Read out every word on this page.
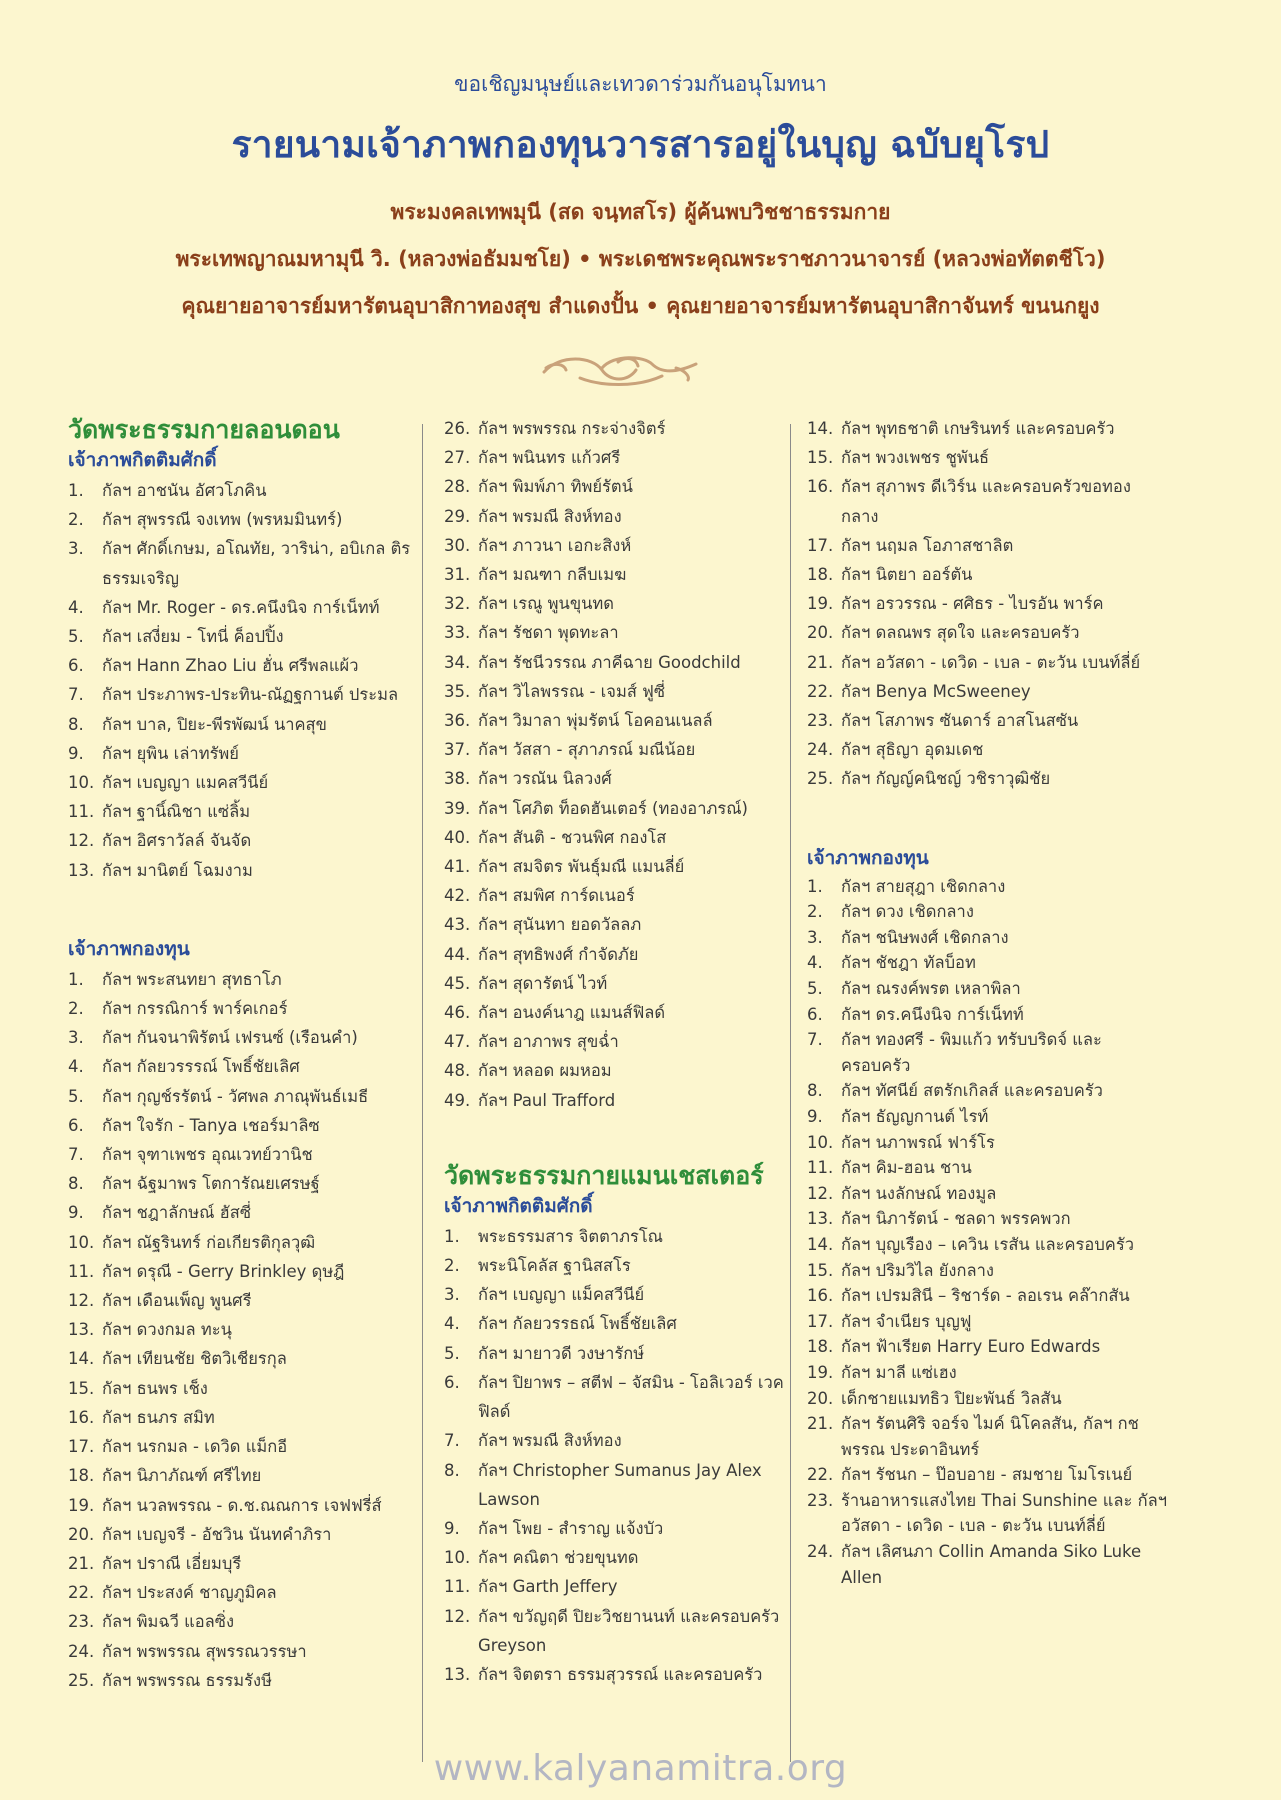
ขอเชิญมนุษย์และเทวดาร่วมกันอนุโมทนา
รายนามเจ้าภาพกองทุนวารสารอยู่ในบุญ ฉบับยุโรป
พระมงคลเทพมุนี (สด จนฺทสโร) ผู้ค้นพบวิชชาธรรมกาย
พระเทพญาณมหามุนี วิ. (หลวงพ่อธัมมชโย) • พระเดชพระคุณพระราชภาวนาจารย์ (หลวงพ่อทัตตชีโว)
คุณยายอาจารย์มหารัตนอุบาสิกาทองสุข สำแดงปั้น • คุณยายอาจารย์มหารัตนอุบาสิกาจันทร์ ขนนกยูง
วัดพระธรรมกายลอนดอน
เจ้าภาพกิตติมศักดิ์
1.	กัลฯ อาชนัน อัศวโภคิน
2.	กัลฯ สุพรรณี จงเทพ (พรหมมินทร์)
3.	กัลฯ ศักดิ์เกษม, อโณทัย, วาริน่า, อบิเกล ติรธรรมเจริญ
4.	กัลฯ Mr. Roger - ดร.คนึงนิจ การ์เน็ทท์
5.	กัลฯ เสงี่ยม - โทนี่ ค็อปปิ้ง
6.	กัลฯ Hann Zhao Liu ฮั่น ศรีพลแผ้ว
7.	กัลฯ ประภาพร-ประทิน-ณัฏฐกานต์ ประมล
8.	กัลฯ บาล, ปิยะ-พีรพัฒน์ นาคสุข
9.	กัลฯ ยุพิน เล่าทรัพย์
10. กัลฯ เบญญา แมคสวีนีย์
11. กัลฯ ฐานิ์ณิชา แซ่ลิ้ม
12. กัลฯ อิศราวัลล์ จันจัด
13. กัลฯ มานิตย์ โฉมงาม
เจ้าภาพกองทุน
1.	กัลฯ พระสนทยา สุทธาโภ
2.	กัลฯ กรรณิการ์ พาร์คเกอร์
3.	กัลฯ กันจนาพิรัตน์ เฟรนซ์ (เรือนคำ)
4.	กัลฯ กัลยวรรรณ์ โพธิ์ชัยเลิศ
5.	กัลฯ กุญช์รรัตน์ - วัศพล ภาณุพันธ์เมธี
6.	กัลฯ ใจรัก - Tanya เชอร์มาลิซ
7.	กัลฯ จุฑาเพชร อุณเวทย์วานิช
8.	กัลฯ ฉัฐมาพร โตการัณยเศรษฐ์
9.	กัลฯ ชฎาลักษณ์ ฮัสซี่
10. กัลฯ ณัฐรินทร์ ก่อเกียรติกุลวุฒิ
11. กัลฯ ดรุณี - Gerry Brinkley ดุษฎี
12. กัลฯ เดือนเพ็ญ พูนศรี
13. กัลฯ ดวงกมล ทะนุ
14. กัลฯ เทียนชัย ชิตวิเชียรกุล
15. กัลฯ ธนพร เช็ง
16. กัลฯ ธนภร สมิท
17. กัลฯ นรกมล - เดวิด แม็กอี
18. กัลฯ นิภาภัณฑ์ ศรีไทย
19. กัลฯ นวลพรรณ - ด.ช.ณณการ เจฟฟรี่ส์
20. กัลฯ เบญจรี - อัชวิน นันทคำภิรา
21. กัลฯ ปราณี เอี่ยมบุรี
22. กัลฯ ประสงค์ ชาญภูมิคล
23. กัลฯ พิมฉวี แอลซิ่ง
24. กัลฯ พรพรรณ สุพรรณวรรษา
25. กัลฯ พรพรรณ ธรรมรังษี
26. กัลฯ พรพรรณ กระจ่างจิตร์
27. กัลฯ พนินทร แก้วศรี
28. กัลฯ พิมพ์ภา ทิพย์รัตน์
29. กัลฯ พรมณี สิงห์ทอง
30. กัลฯ ภาวนา เอกะสิงห์
31. กัลฯ มณฑา กลีบเมฆ
32. กัลฯ เรณู พูนขุนทด
33. กัลฯ รัชดา พุดทะลา
34. กัลฯ รัชนีวรรณ ภาคีฉาย Goodchild
35. กัลฯ วิไลพรรณ - เจมส์ ฟูซี่
36. กัลฯ วิมาลา พุ่มรัตน์ โอคอนเนลล์
37. กัลฯ วัสสา - สุภาภรณ์ มณีน้อย
38. กัลฯ วรณัน นิลวงศ์
39. กัลฯ โศภิต ท็อดฮันเตอร์ (ทองอาภรณ์)
40. กัลฯ สันติ - ชวนพิศ กองโส
41. กัลฯ สมจิตร พันธุ์มณี แมนลี่ย์
42. กัลฯ สมพิศ การ์ดเนอร์
43. กัลฯ สุนันทา ยอดวัลลภ
44. กัลฯ สุทธิพงศ์ กำจัดภัย
45. กัลฯ สุดารัตน์ ไวท์
46. กัลฯ อนงค์นาฎ แมนส์ฟิลด์
47. กัลฯ อาภาพร สุขฉ่ำ
48. กัลฯ หลอด ผมหอม
49. กัลฯ Paul Trafford
วัดพระธรรมกายแมนเชสเตอร์
เจ้าภาพกิตติมศักดิ์
1.	พระธรรมสาร จิตตาภรโณ
2.	พระนิโคลัส ฐานิสสโร
3.	กัลฯ เบญญา แม็คสวีนีย์
4.	กัลฯ กัลยวรรธณ์ โพธิ์ชัยเลิศ
5.	กัลฯ มายาวดี วงษารักษ์
6.	กัลฯ ปิยาพร – สตีฟ – จัสมิน - โอลิเวอร์ เวคฟิลด์
7.	กัลฯ พรมณี สิงห์ทอง
8.	กัลฯ Christopher Sumanus Jay Alex Lawson
9.	กัลฯ โพย - สำราญ แจ้งบัว
10. กัลฯ คณิตา ช่วยขุนทด
11. กัลฯ Garth Jeffery
12. กัลฯ ขวัญฤดี ปิยะวิชยานนท์ และครอบครัว Greyson
13. กัลฯ จิตตรา ธรรมสุวรรณ์ และครอบครัว
14. กัลฯ พุทธชาติ เกษรินทร์ และครอบครัว
15. กัลฯ พวงเพชร ชูพันธ์
16. กัลฯ สุภาพร ดีเวิร์น และครอบครัวขอทองกลาง
17. กัลฯ นฤมล โอภาสชาลิต
18. กัลฯ นิตยา ออร์ตัน
19. กัลฯ อรวรรณ - ศศิธร - ไบรอัน พาร์ค
20. กัลฯ ดลณพร สุดใจ และครอบครัว
21. กัลฯ อวัสดา - เดวิด - เบล - ตะวัน เบนท์ลี่ย์
22. กัลฯ Benya McSweeney
23. กัลฯ โสภาพร ซันดาร์ อาสโนสซัน
24. กัลฯ สุธิญา อุดมเดช
25. กัลฯ กัญญ์คนิชญ์ วชิราวุฒิชัย
เจ้าภาพกองทุน
1.	กัลฯ สายสุฎา เชิดกลาง
2.	กัลฯ ดวง เชิดกลาง
3.	กัลฯ ชนิษพงศ์ เชิดกลาง
4.	กัลฯ ชัชฎา ทัลบ็อท
5.	กัลฯ ณรงค์พรต เหลาพิลา
6.	กัลฯ ดร.คนึงนิจ การ์เน็ทท์
7.	กัลฯ ทองศรี - พิมแก้ว ทรับบริดจ์ และครอบครัว
8.	กัลฯ ทัศนีย์ สตรักเกิลส์ และครอบครัว
9.	กัลฯ ธัญญกานต์ ไรท์
10. กัลฯ นภาพรณ์ ฟาร์โร
11. กัลฯ คิม-ฮอน ชาน
12. กัลฯ นงลักษณ์ ทองมูล
13. กัลฯ นิภารัตน์ - ชลดา พรรคพวก
14. กัลฯ บุญเรือง – เควิน เรสัน และครอบครัว
15. กัลฯ ปริมวิไล ยังกลาง
16. กัลฯ เปรมสินี – ริชาร์ด - ลอเรน คล๊ากสัน
17. กัลฯ จำเนียร บุญฟู
18. กัลฯ ฟ้าเรียต Harry Euro Edwards
19. กัลฯ มาลี แซ่เฮง
20. เด็กชายแมทธิว ปิยะพันธ์ วิลสัน
21. กัลฯ รัตนศิริ จอร์จ ไมค์ นิโคลสัน, กัลฯ กชพรรณ ประดาอินทร์
22. กัลฯ รัชนก – ป๊อบอาย - สมชาย โมโรเนย์
23. ร้านอาหารแสงไทย Thai Sunshine และ กัลฯ อวัสดา - เดวิด - เบล - ตะวัน เบนท์ลี่ย์
24. กัลฯ เลิศนภา Collin Amanda Siko Luke Allen
www.kalyanamitra.org
